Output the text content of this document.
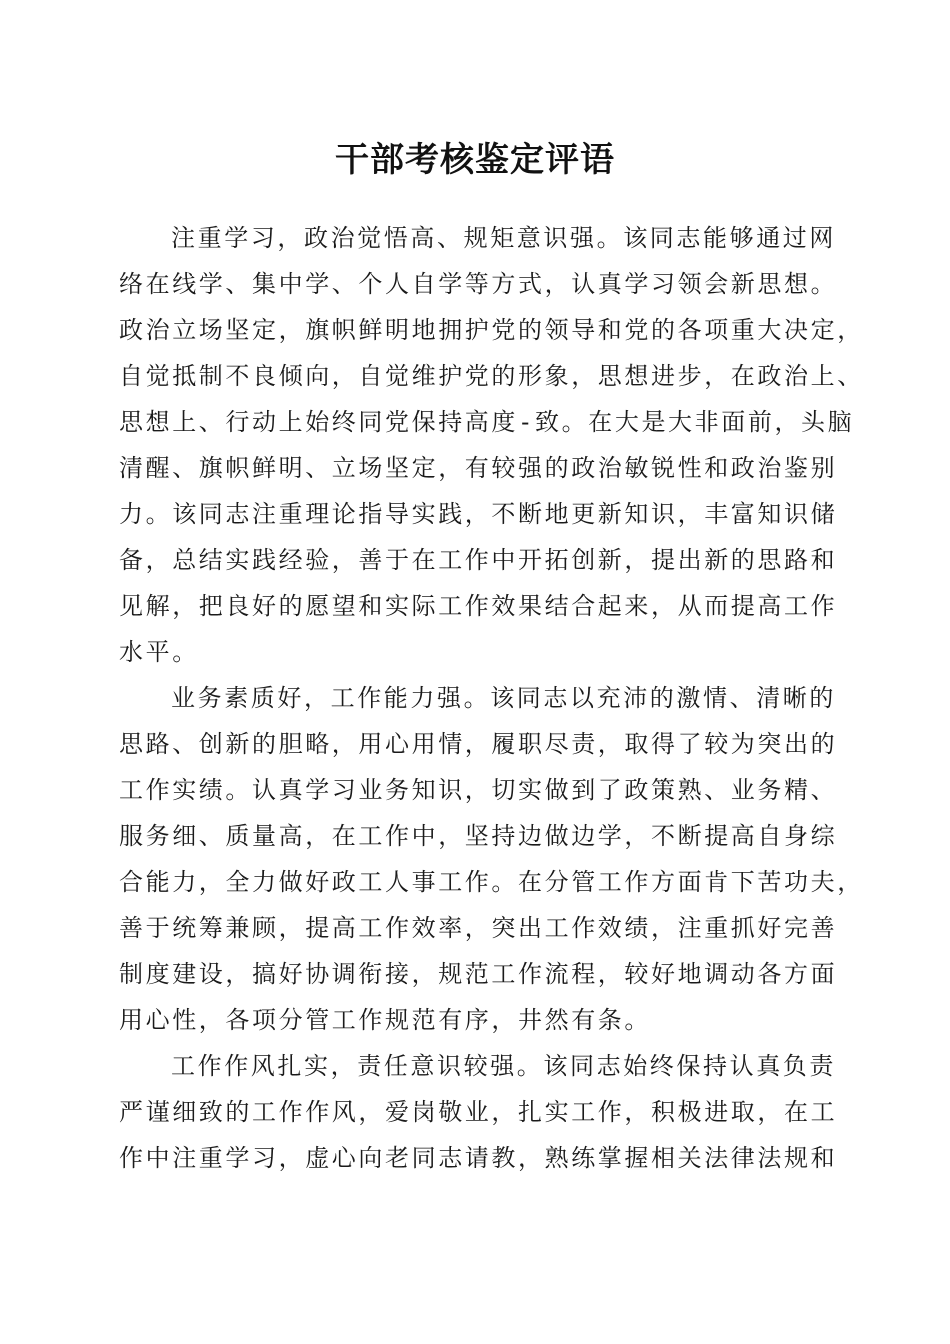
干部考核鉴定评语
注重学习，政治觉悟高、规矩意识强。该同志能够通过网
络在线学、集中学、个人自学等方式，认真学习领会新思想。
政治立场坚定，旗帜鲜明地拥护党的领导和党的各项重大决定，
自觉抵制不良倾向，自觉维护党的形象，思想进步，在政治上、
思想上、行动上始终同党保持高度-致。在大是大非面前，头脑
清醒、旗帜鲜明、立场坚定，有较强的政治敏锐性和政治鉴别
力。该同志注重理论指导实践，不断地更新知识，丰富知识储
备，总结实践经验，善于在工作中开拓创新，提出新的思路和
见解，把良好的愿望和实际工作效果结合起来，从而提高工作
水平。
业务素质好，工作能力强。该同志以充沛的激情、清晰的
思路、创新的胆略，用心用情，履职尽责，取得了较为突出的
工作实绩。认真学习业务知识，切实做到了政策熟、业务精、
服务细、质量高，在工作中，坚持边做边学，不断提高自身综
合能力，全力做好政工人事工作。在分管工作方面肯下苦功夫，
善于统筹兼顾，提高工作效率，突出工作效绩，注重抓好完善
制度建设，搞好协调衔接，规范工作流程，较好地调动各方面
用心性，各项分管工作规范有序，井然有条。
工作作风扎实，责任意识较强。该同志始终保持认真负责
严谨细致的工作作风，爱岗敬业，扎实工作，积极进取，在工
作中注重学习，虚心向老同志请教，熟练掌握相关法律法规和
